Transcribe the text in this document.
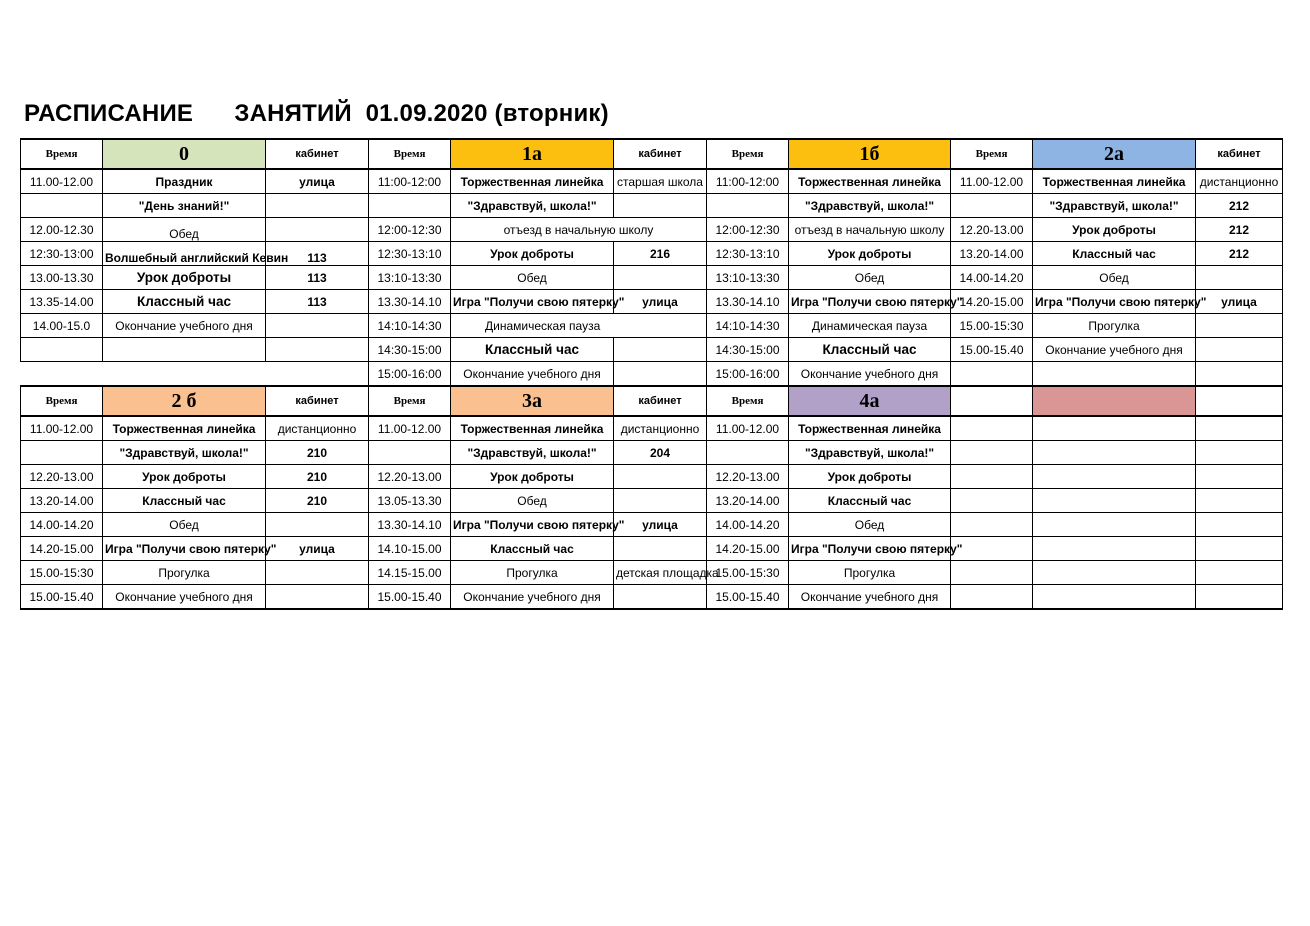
РАСПИСАНИЕ      ЗАНЯТИЙ  01.09.2020 (вторник)
Время	0	кабинет	Время	1а	кабинет	Время	1б	Время	2а	кабинет
11.00-12.00	Праздник	улица	11:00-12:00	Торжественная линейка	старшая школа	11:00-12:00	Торжественная линейка	11.00-12.00	Торжественная линейка	дистанционно
	"День знаний!"			"Здравствуй, школа!"			"Здравствуй, школа!"		"Здравствуй, школа!"	212
12.00-12.30	Обед		12:00-12:30	отъезд в начальную школу		12:00-12:30	отъезд в начальную школу	12.20-13.00	Урок доброты	212
12:30-13:00	Волшебный английский Кевин	113	12:30-13:10	Урок доброты	216	12:30-13:10	Урок доброты	13.20-14.00	Классный час	212
13.00-13.30	Урок доброты	113	13:10-13:30	Обед		13:10-13:30	Обед	14.00-14.20	Обед	
13.35-14.00	Классный час	113	13.30-14.10	Игра "Получи свою пятерку"	улица	13.30-14.10	Игра "Получи свою пятерку"	14.20-15.00	Игра "Получи свою пятерку"	улица
14.00-15.0	Окончание учебного дня		14:10-14:30	Динамическая пауза		14:10-14:30	Динамическая пауза	15.00-15:30	Прогулка	
			14:30-15:00	Классный час		14:30-15:00	Классный час	15.00-15.40	Окончание учебного дня	
			15:00-16:00	Окончание учебного дня		15:00-16:00	Окончание учебного дня			
Время	2 б	кабинет	Время	3а	кабинет	Время	4а			
11.00-12.00	Торжественная линейка	дистанционно	11.00-12.00	Торжественная линейка	дистанционно	11.00-12.00	Торжественная линейка			
	"Здравствуй, школа!"	210		"Здравствуй, школа!"	204		"Здравствуй, школа!"			
12.20-13.00	Урок доброты	210	12.20-13.00	Урок доброты		12.20-13.00	Урок доброты			
13.20-14.00	Классный час	210	13.05-13.30	Обед		13.20-14.00	Классный час			
14.00-14.20	Обед		13.30-14.10	Игра "Получи свою пятерку"	улица	14.00-14.20	Обед			
14.20-15.00	Игра "Получи свою пятерку"	улица	14.10-15.00	Классный час		14.20-15.00	Игра "Получи свою пятерку"			
15.00-15:30	Прогулка		14.15-15.00	Прогулка	детская площадка	15.00-15:30	Прогулка			
15.00-15.40	Окончание учебного дня		15.00-15.40	Окончание учебного дня		15.00-15.40	Окончание учебного дня			
